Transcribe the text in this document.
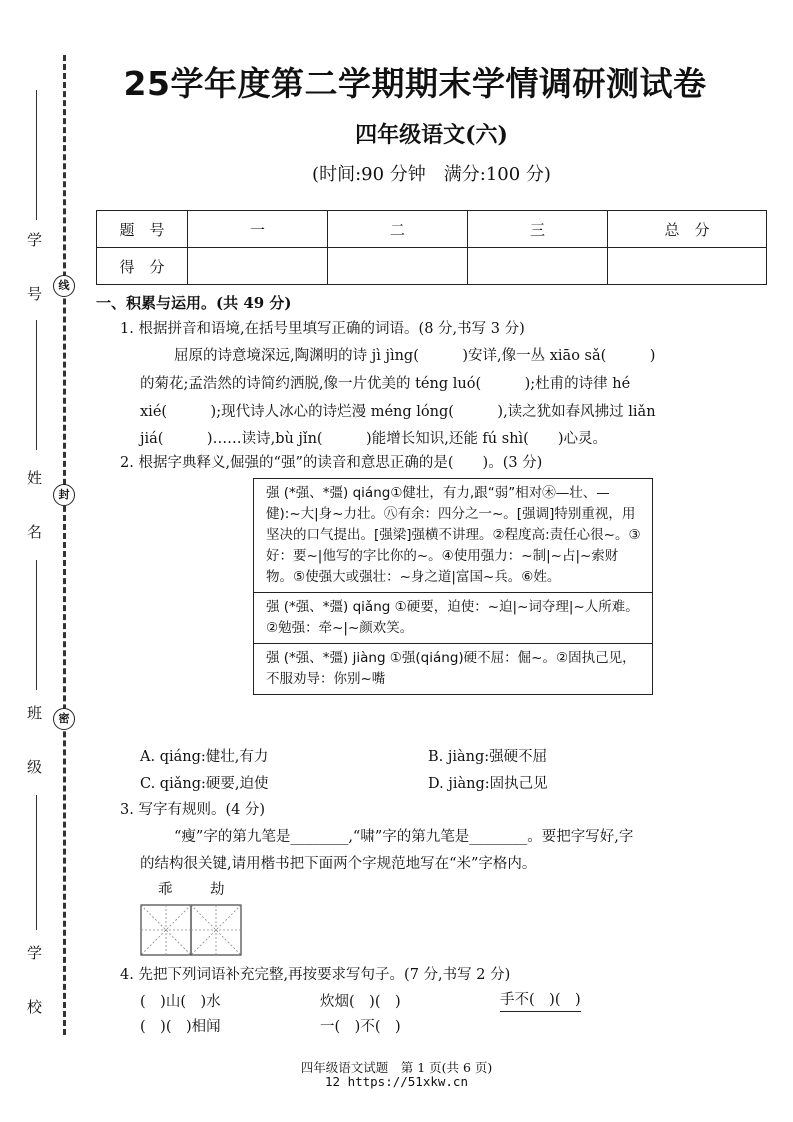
25学年度第二学期期末学情调研测试卷
四年级语文(六)
(时间:90 分钟　满分:100 分)
学　号
姓　名
班　级
学　校
线
封
密
题　号	一	二	三	总　分
得　分				
一、积累与运用。(共 49 分)
1. 根据拼音和语境,在括号里填写正确的词语。(8 分,书写 3 分)
屈原的诗意境深远,陶渊明的诗 jì jìng(　　　)安详,像一丛 xiāo sǎ(　　　)
的菊花;孟浩然的诗简约洒脱,像一片优美的 téng luó(　　　);杜甫的诗律 hé
xié(　　　);现代诗人冰心的诗烂漫 méng lóng(　　　),读之犹如春风拂过 liǎn
jiá(　　　)……读诗,bù jǐn(　　　)能增长知识,还能 fú shì(　　)心灵。
2. 根据字典释义,倔强的“强”的读音和意思正确的是(　　)。(3 分)
强 (*强、*彊) qiáng①健壮，有力,跟“弱”相对㊍—壮、—健):~大|身~力壮。㊇有余：四分之一~。[强调]特别重视，用坚决的口气提出。[强梁]强横不讲理。②程度高:责任心很~。③好：要~|他写的字比你的~。④使用强力：~制|~占|~索财物。⑤使强大或强壮：~身之道|富国~兵。⑥姓。
强 (*强、*彊) qiǎng ①硬要，迫使：~迫|~词夺理|~人所难。②勉强：牵~|~颜欢笑。
强 (*强、*彊) jiàng ①强(qiáng)硬不屈：倔~。②固执己见，不服劝导：你别~嘴
A. qiáng:健壮,有力	B. jiàng:强硬不屈
C. qiǎng:硬要,迫使	D. jiàng:固执己见
3. 写字有规则。(4 分)
“瘦”字的第九笔是________,“啸”字的第九笔是________。要把字写好,字
的结构很关键,请用楷书把下面两个字规范地写在“米”字格内。
乖	劫
4. 先把下列词语补充完整,再按要求写句子。(7 分,书写 2 分)
(　)山(　)水	炊烟(　)(　)	手不(　)(　)
(　)(　)相闻	一(　)不(　)
四年级语文试题　第 1 页(共 6 页)
12 https://51xkw.cn
